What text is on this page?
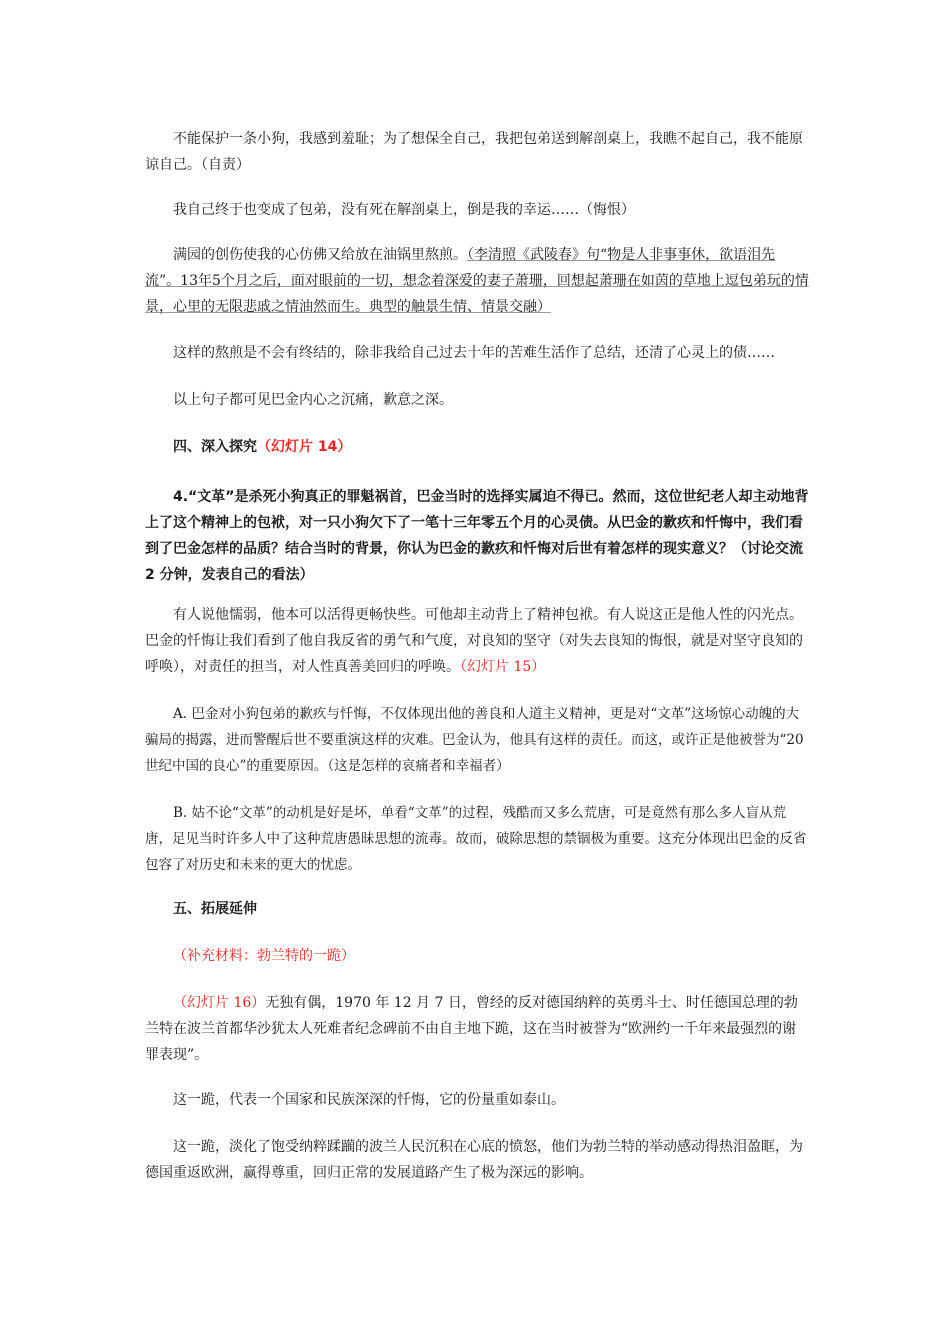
不能保护一条小狗，我感到羞耻；为了想保全自己，我把包弟送到解剖桌上，我瞧不起自己，我不能原谅自己。（自责）

我自己终于也变成了包弟，没有死在解剖桌上，倒是我的幸运……（悔恨）

满园的创伤使我的心仿佛又给放在油锅里熬煎。（李清照《武陵春》句“物是人非事事休，欲语泪先流”。13年5个月之后，面对眼前的一切，想念着深爱的妻子萧珊，回想起萧珊在如茵的草地上逗包弟玩的情景，心里的无限悲戚之情油然而生。典型的触景生情、情景交融）

这样的熬煎是不会有终结的，除非我给自己过去十年的苦难生活作了总结，还清了心灵上的债……

以上句子都可见巴金内心之沉痛，歉意之深。

四、深入探究（幻灯片 14）

4.“文革”是杀死小狗真正的罪魁祸首，巴金当时的选择实属迫不得已。然而，这位世纪老人却主动地背上了这个精神上的包袱，对一只小狗欠下了一笔十三年零五个月的心灵债。从巴金的歉疚和忏悔中，我们看到了巴金怎样的品质？结合当时的背景，你认为巴金的歉疚和忏悔对后世有着怎样的现实意义？（讨论交流 2 分钟，发表自己的看法）

有人说他懦弱，他本可以活得更畅快些。可他却主动背上了精神包袱。有人说这正是他人性的闪光点。巴金的忏悔让我们看到了他自我反省的勇气和气度，对良知的坚守（对失去良知的悔恨，就是对坚守良知的呼唤），对责任的担当，对人性真善美回归的呼唤。（幻灯片 15）

A. 巴金对小狗包弟的歉疚与忏悔，不仅体现出他的善良和人道主义精神，更是对“文革”这场惊心动魄的大骗局的揭露，进而警醒后世不要重演这样的灾难。巴金认为，他具有这样的责任。而这，或许正是他被誉为“20世纪中国的良心”的重要原因。（这是怎样的哀痛者和幸福者）

B. 姑不论“文革”的动机是好是坏，单看“文革”的过程，残酷而又多么荒唐，可是竟然有那么多人盲从荒唐，足见当时许多人中了这种荒唐愚昧思想的流毒。故而，破除思想的禁锢极为重要。这充分体现出巴金的反省包容了对历史和未来的更大的忧虑。

五、拓展延伸

（补充材料：勃兰特的一跪）

（幻灯片 16）无独有偶，1970 年 12 月 7 日，曾经的反对德国纳粹的英勇斗士、时任德国总理的勃兰特在波兰首都华沙犹太人死难者纪念碑前不由自主地下跪，这在当时被誉为“欧洲约一千年来最强烈的谢罪表现”。

这一跪，代表一个国家和民族深深的忏悔，它的份量重如泰山。

这一跪，淡化了饱受纳粹蹂躏的波兰人民沉积在心底的愤怒，他们为勃兰特的举动感动得热泪盈眶，为德国重返欧洲，赢得尊重，回归正常的发展道路产生了极为深远的影响。
